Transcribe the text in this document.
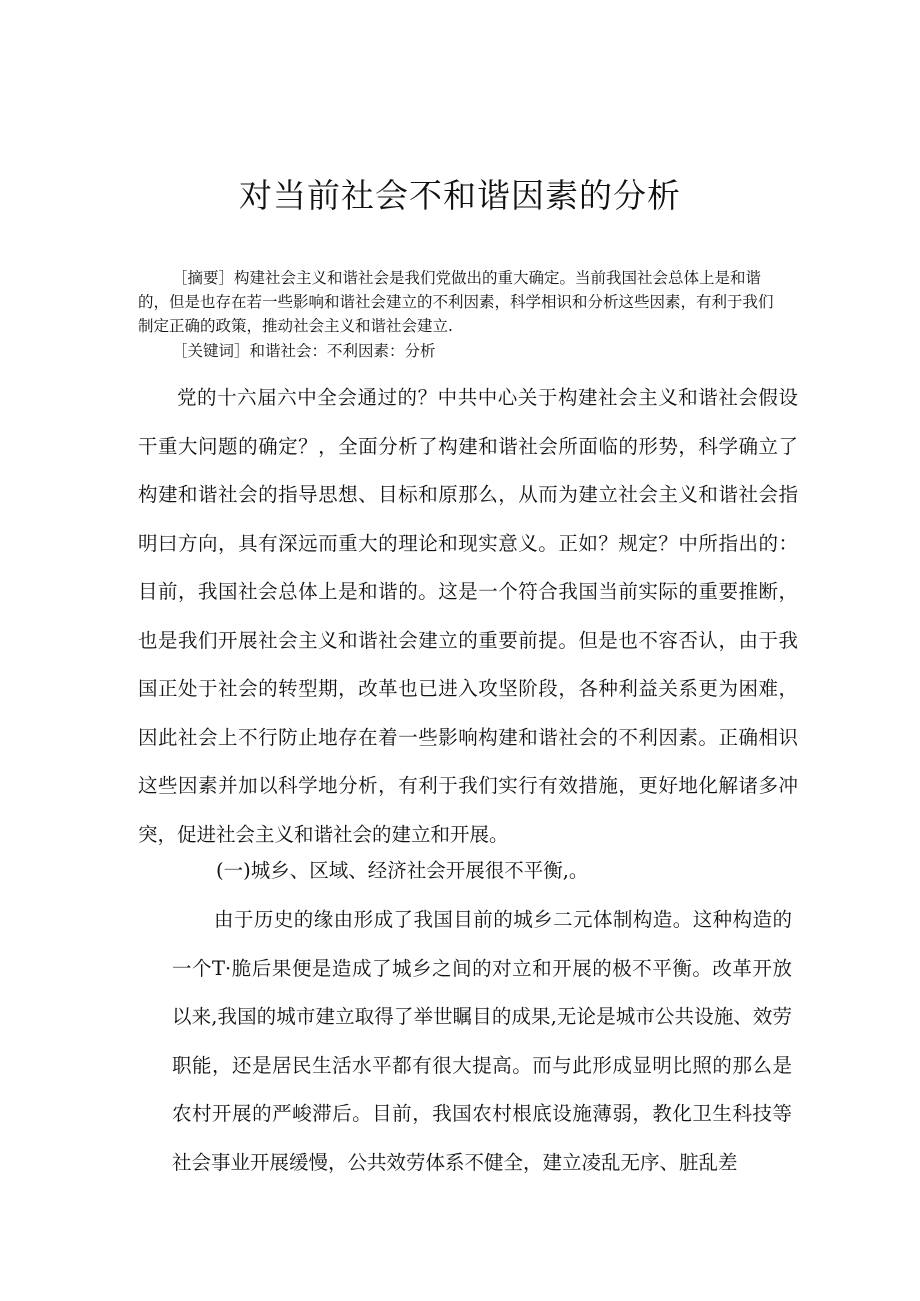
对当前社会不和谐因素的分析

［摘要］构建社会主义和谐社会是我们党做出的重大确定。当前我国社会总体上是和谐的，但是也存在若一些影响和谐社会建立的不利因素，科学相识和分析这些因素，有利于我们制定正确的政策，推动社会主义和谐社会建立.

［关键词］和谐社会：不利因素：分析

党的十六届六中全会通过的？中共中心关于构建社会主义和谐社会假设干重大问题的确定？，全面分析了构建和谐社会所面临的形势，科学确立了构建和谐社会的指导思想、目标和原那么，从而为建立社会主义和谐社会指明曰方向，具有深远而重大的理论和现实意义。正如？规定？中所指出的：目前，我国社会总体上是和谐的。这是一个符合我国当前实际的重要推断，也是我们开展社会主义和谐社会建立的重要前提。但是也不容否认，由于我国正处于社会的转型期，改革也已进入攻坚阶段，各种利益关系更为困难，因此社会上不行防止地存在着一些影响构建和谐社会的不利因素。正确相识这些因素并加以科学地分析，有利于我们实行有效措施，更好地化解诸多冲突，促进社会主义和谐社会的建立和开展。

(一)城乡、区域、经济社会开展很不平衡,。

由于历史的缘由形成了我国目前的城乡二元体制构造。这种构造的一个T·脆后果便是造成了城乡之间的对立和开展的极不平衡。改革开放以来,我国的城市建立取得了举世瞩目的成果,无论是城市公共设施、效劳职能，还是居民生活水平都有很大提高。而与此形成显明比照的那么是农村开展的严峻滞后。目前，我国农村根底设施薄弱，教化卫生科技等社会事业开展缓慢，公共效劳体系不健全，建立凌乱无序、脏乱差
